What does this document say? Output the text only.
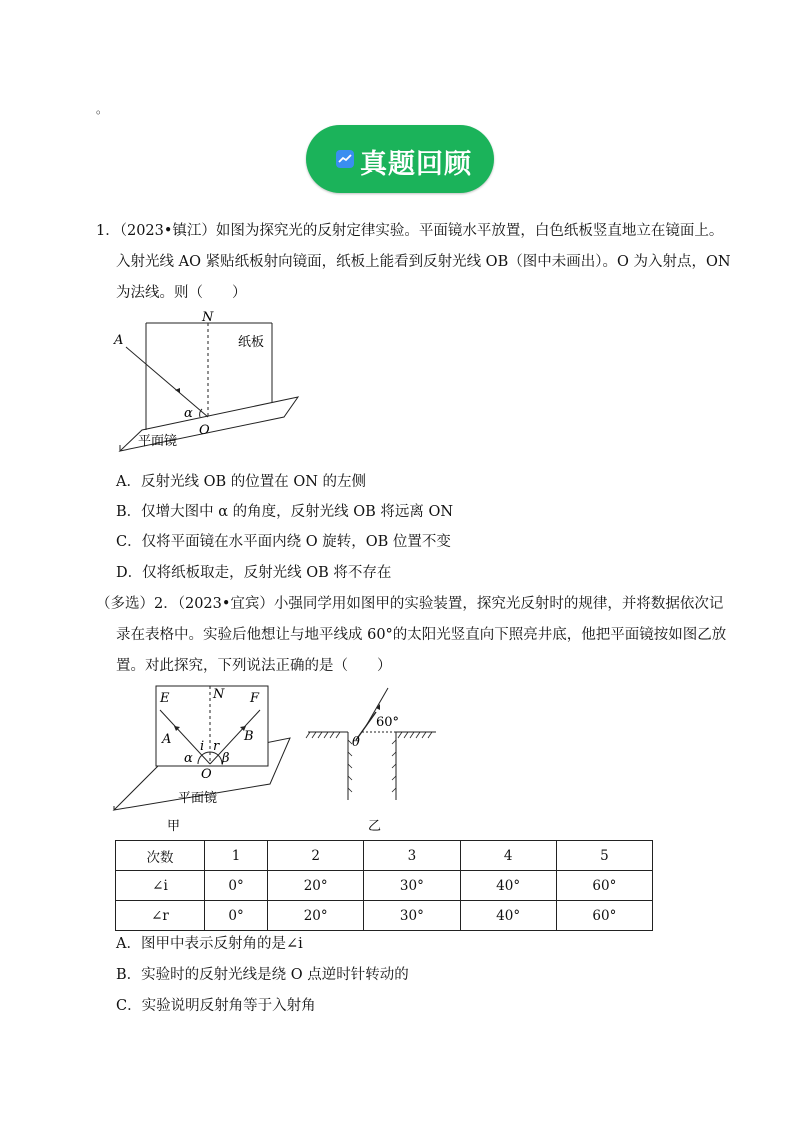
。
真题回顾
1．（2023•镇江）如图为探究光的反射定律实验。平面镜水平放置，白色纸板竖直地立在镜面上。
入射光线 AO 紧贴纸板射向镜面，纸板上能看到反射光线 OB（图中未画出）。O 为入射点，ON
为法线。则（　　）
A
N
α
O
纸板
平面镜
A．反射光线 OB 的位置在 ON 的左侧
B．仅增大图中 α 的角度，反射光线 OB 将远离 ON
C．仅将平面镜在水平面内绕 O 旋转，OB 位置不变
D．仅将纸板取走，反射光线 OB 将不存在
（多选）2．（2023•宜宾）小强同学用如图甲的实验装置，探究光反射时的规律，并将数据依次记
录在表格中。实验后他想让与地平线成 60°的太阳光竖直向下照亮井底，他把平面镜按如图乙放
置。对此探究，下列说法正确的是（　　）
E	N F
A	B
i r
α β
O
平面镜
甲
60°
θ
乙
次数	1	2	3	4	5
∠i	0°	20°	30°	40°	60°
∠r	0°	20°	30°	40°	60°
A．图甲中表示反射角的是∠i
B．实验时的反射光线是绕 O 点逆时针转动的
C．实验说明反射角等于入射角
